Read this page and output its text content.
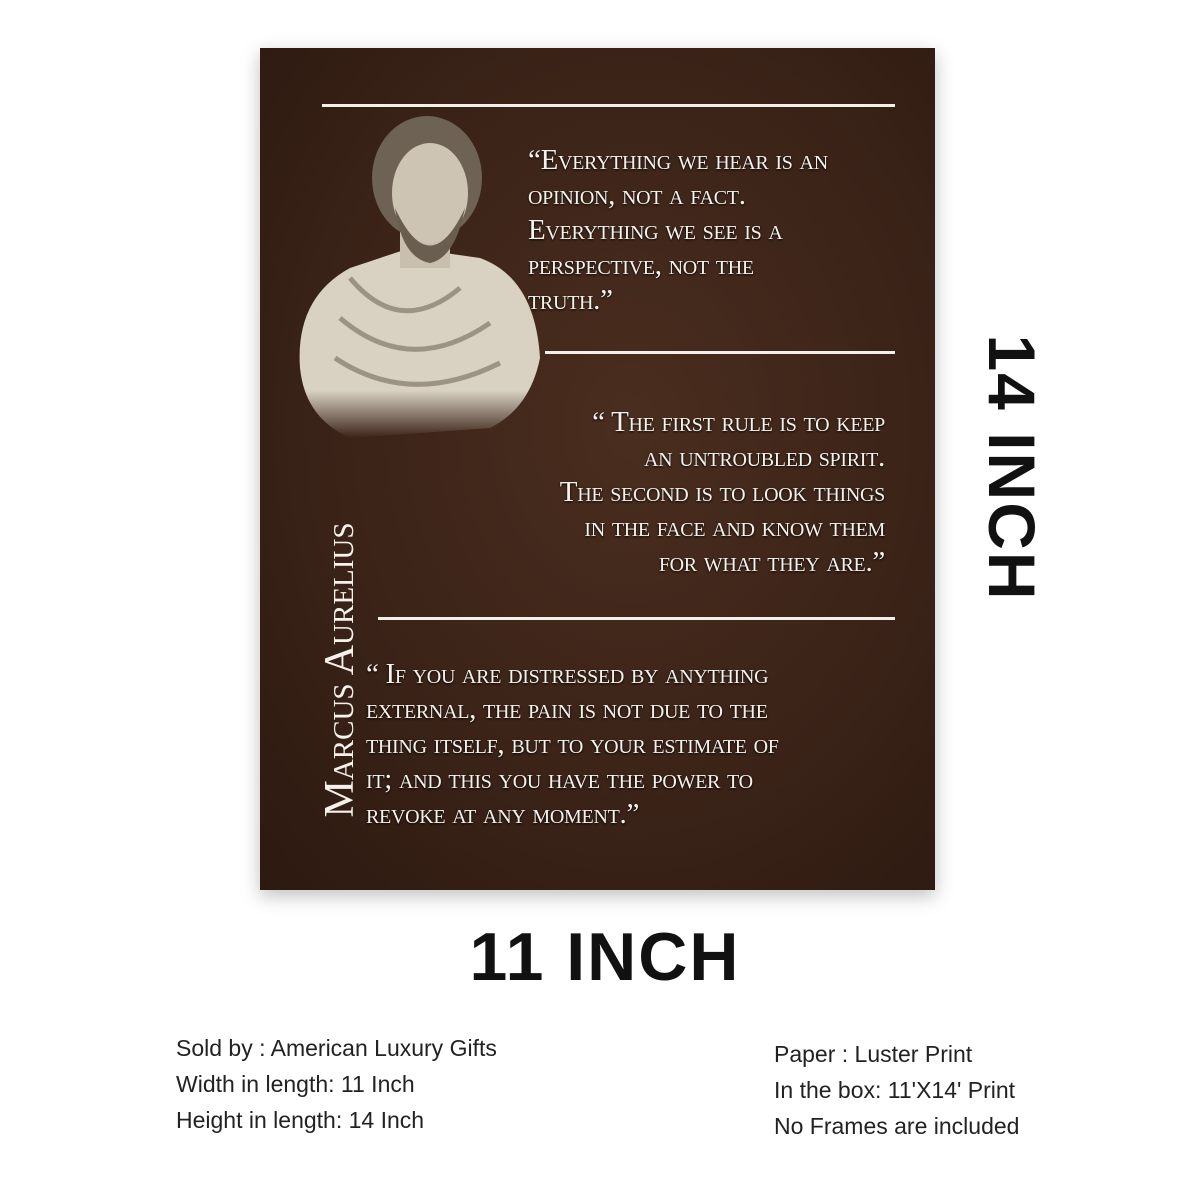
“Everything we hear is an
opinion, not a fact.
Everything we see is a
perspective, not the
truth.”
“ The first rule is to keep
an untroubled spirit.
The second is to look things
in the face and know them
for what they are.”
“ If you are distressed by anything
external, the pain is not due to the
thing itself, but to your estimate of
it; and this you have the power to
revoke at any moment.”
Marcus Aurelius
14 INCH
11 INCH
Sold by : American Luxury Gifts
Width in length: 11 Inch
Height in length: 14 Inch
Paper : Luster Print
In the box: 11'X14' Print
No Frames are included
